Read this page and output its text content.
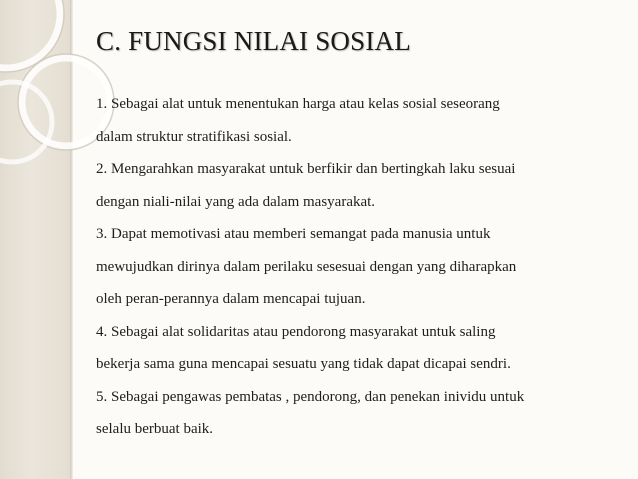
C. FUNGSI NILAI SOSIAL

1. Sebagai alat untuk menentukan harga atau kelas sosial seseorang

dalam struktur stratifikasi sosial.

2. Mengarahkan masyarakat untuk berfikir dan bertingkah laku sesuai

dengan niali-nilai yang ada dalam masyarakat.

3. Dapat memotivasi atau memberi semangat pada manusia untuk

mewujudkan dirinya dalam perilaku sesesuai dengan yang diharapkan

oleh peran-perannya dalam mencapai tujuan.

4. Sebagai alat solidaritas atau pendorong masyarakat untuk saling

bekerja sama guna mencapai sesuatu yang tidak dapat dicapai sendri.

5. Sebagai pengawas pembatas , pendorong, dan penekan inividu untuk

selalu berbuat baik.
